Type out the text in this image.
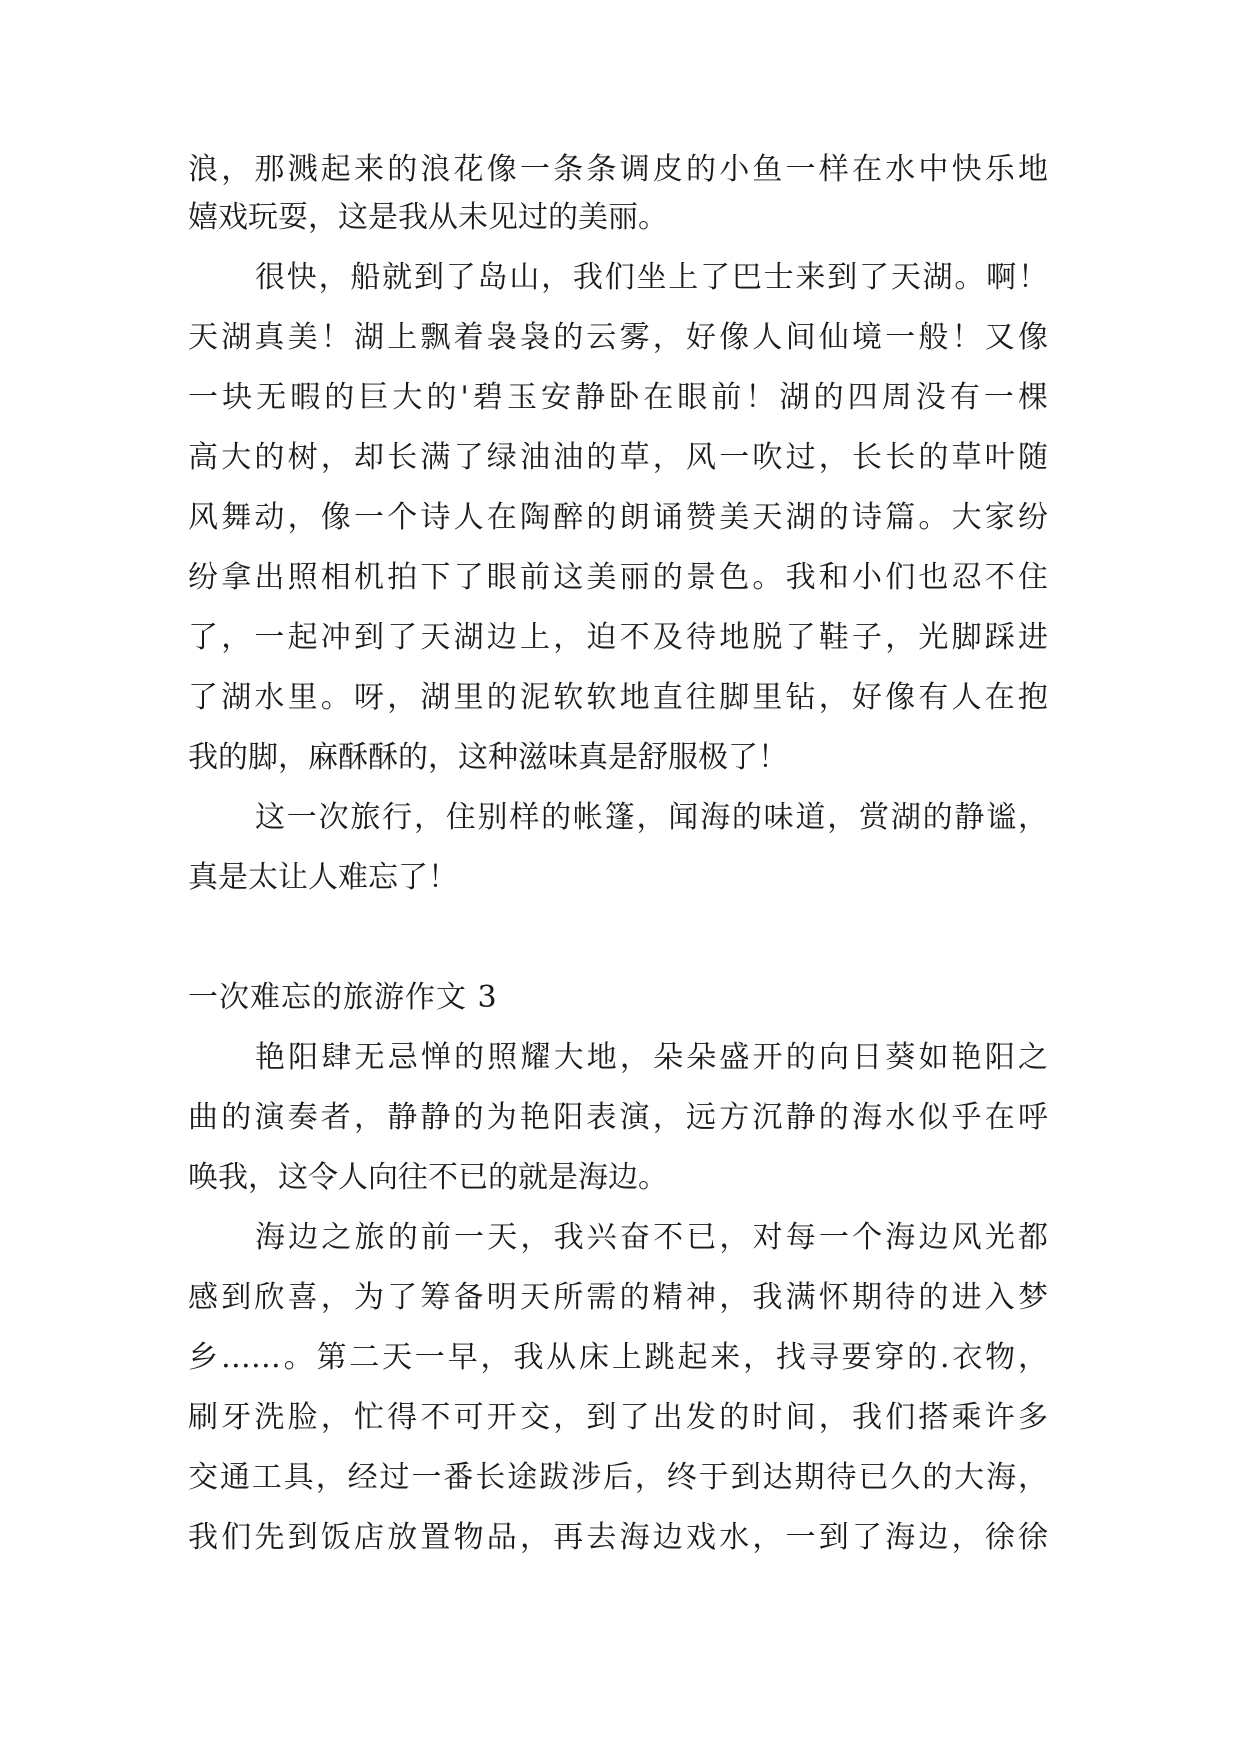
浪，那溅起来的浪花像一条条调皮的小鱼一样在水中快乐地
嬉戏玩耍，这是我从未见过的美丽。
很快，船就到了岛山，我们坐上了巴士来到了天湖。啊！
天湖真美！湖上飘着袅袅的云雾，好像人间仙境一般！又像
一块无暇的巨大的'碧玉安静卧在眼前！湖的四周没有一棵
高大的树，却长满了绿油油的草，风一吹过，长长的草叶随
风舞动，像一个诗人在陶醉的朗诵赞美天湖的诗篇。大家纷
纷拿出照相机拍下了眼前这美丽的景色。我和小们也忍不住
了，一起冲到了天湖边上，迫不及待地脱了鞋子，光脚踩进
了湖水里。呀，湖里的泥软软地直往脚里钻，好像有人在抱
我的脚，麻酥酥的，这种滋味真是舒服极了！
这一次旅行，住别样的帐篷，闻海的味道，赏湖的静谧，
真是太让人难忘了！
一次难忘的旅游作文 3
艳阳肆无忌惮的照耀大地，朵朵盛开的向日葵如艳阳之
曲的演奏者，静静的为艳阳表演，远方沉静的海水似乎在呼
唤我，这令人向往不已的就是海边。
海边之旅的前一天，我兴奋不已，对每一个海边风光都
感到欣喜，为了筹备明天所需的精神，我满怀期待的进入梦
乡……。第二天一早，我从床上跳起来，找寻要穿的.衣物，
刷牙洗脸，忙得不可开交，到了出发的时间，我们搭乘许多
交通工具，经过一番长途跋涉后，终于到达期待已久的大海，
我们先到饭店放置物品，再去海边戏水，一到了海边，徐徐
